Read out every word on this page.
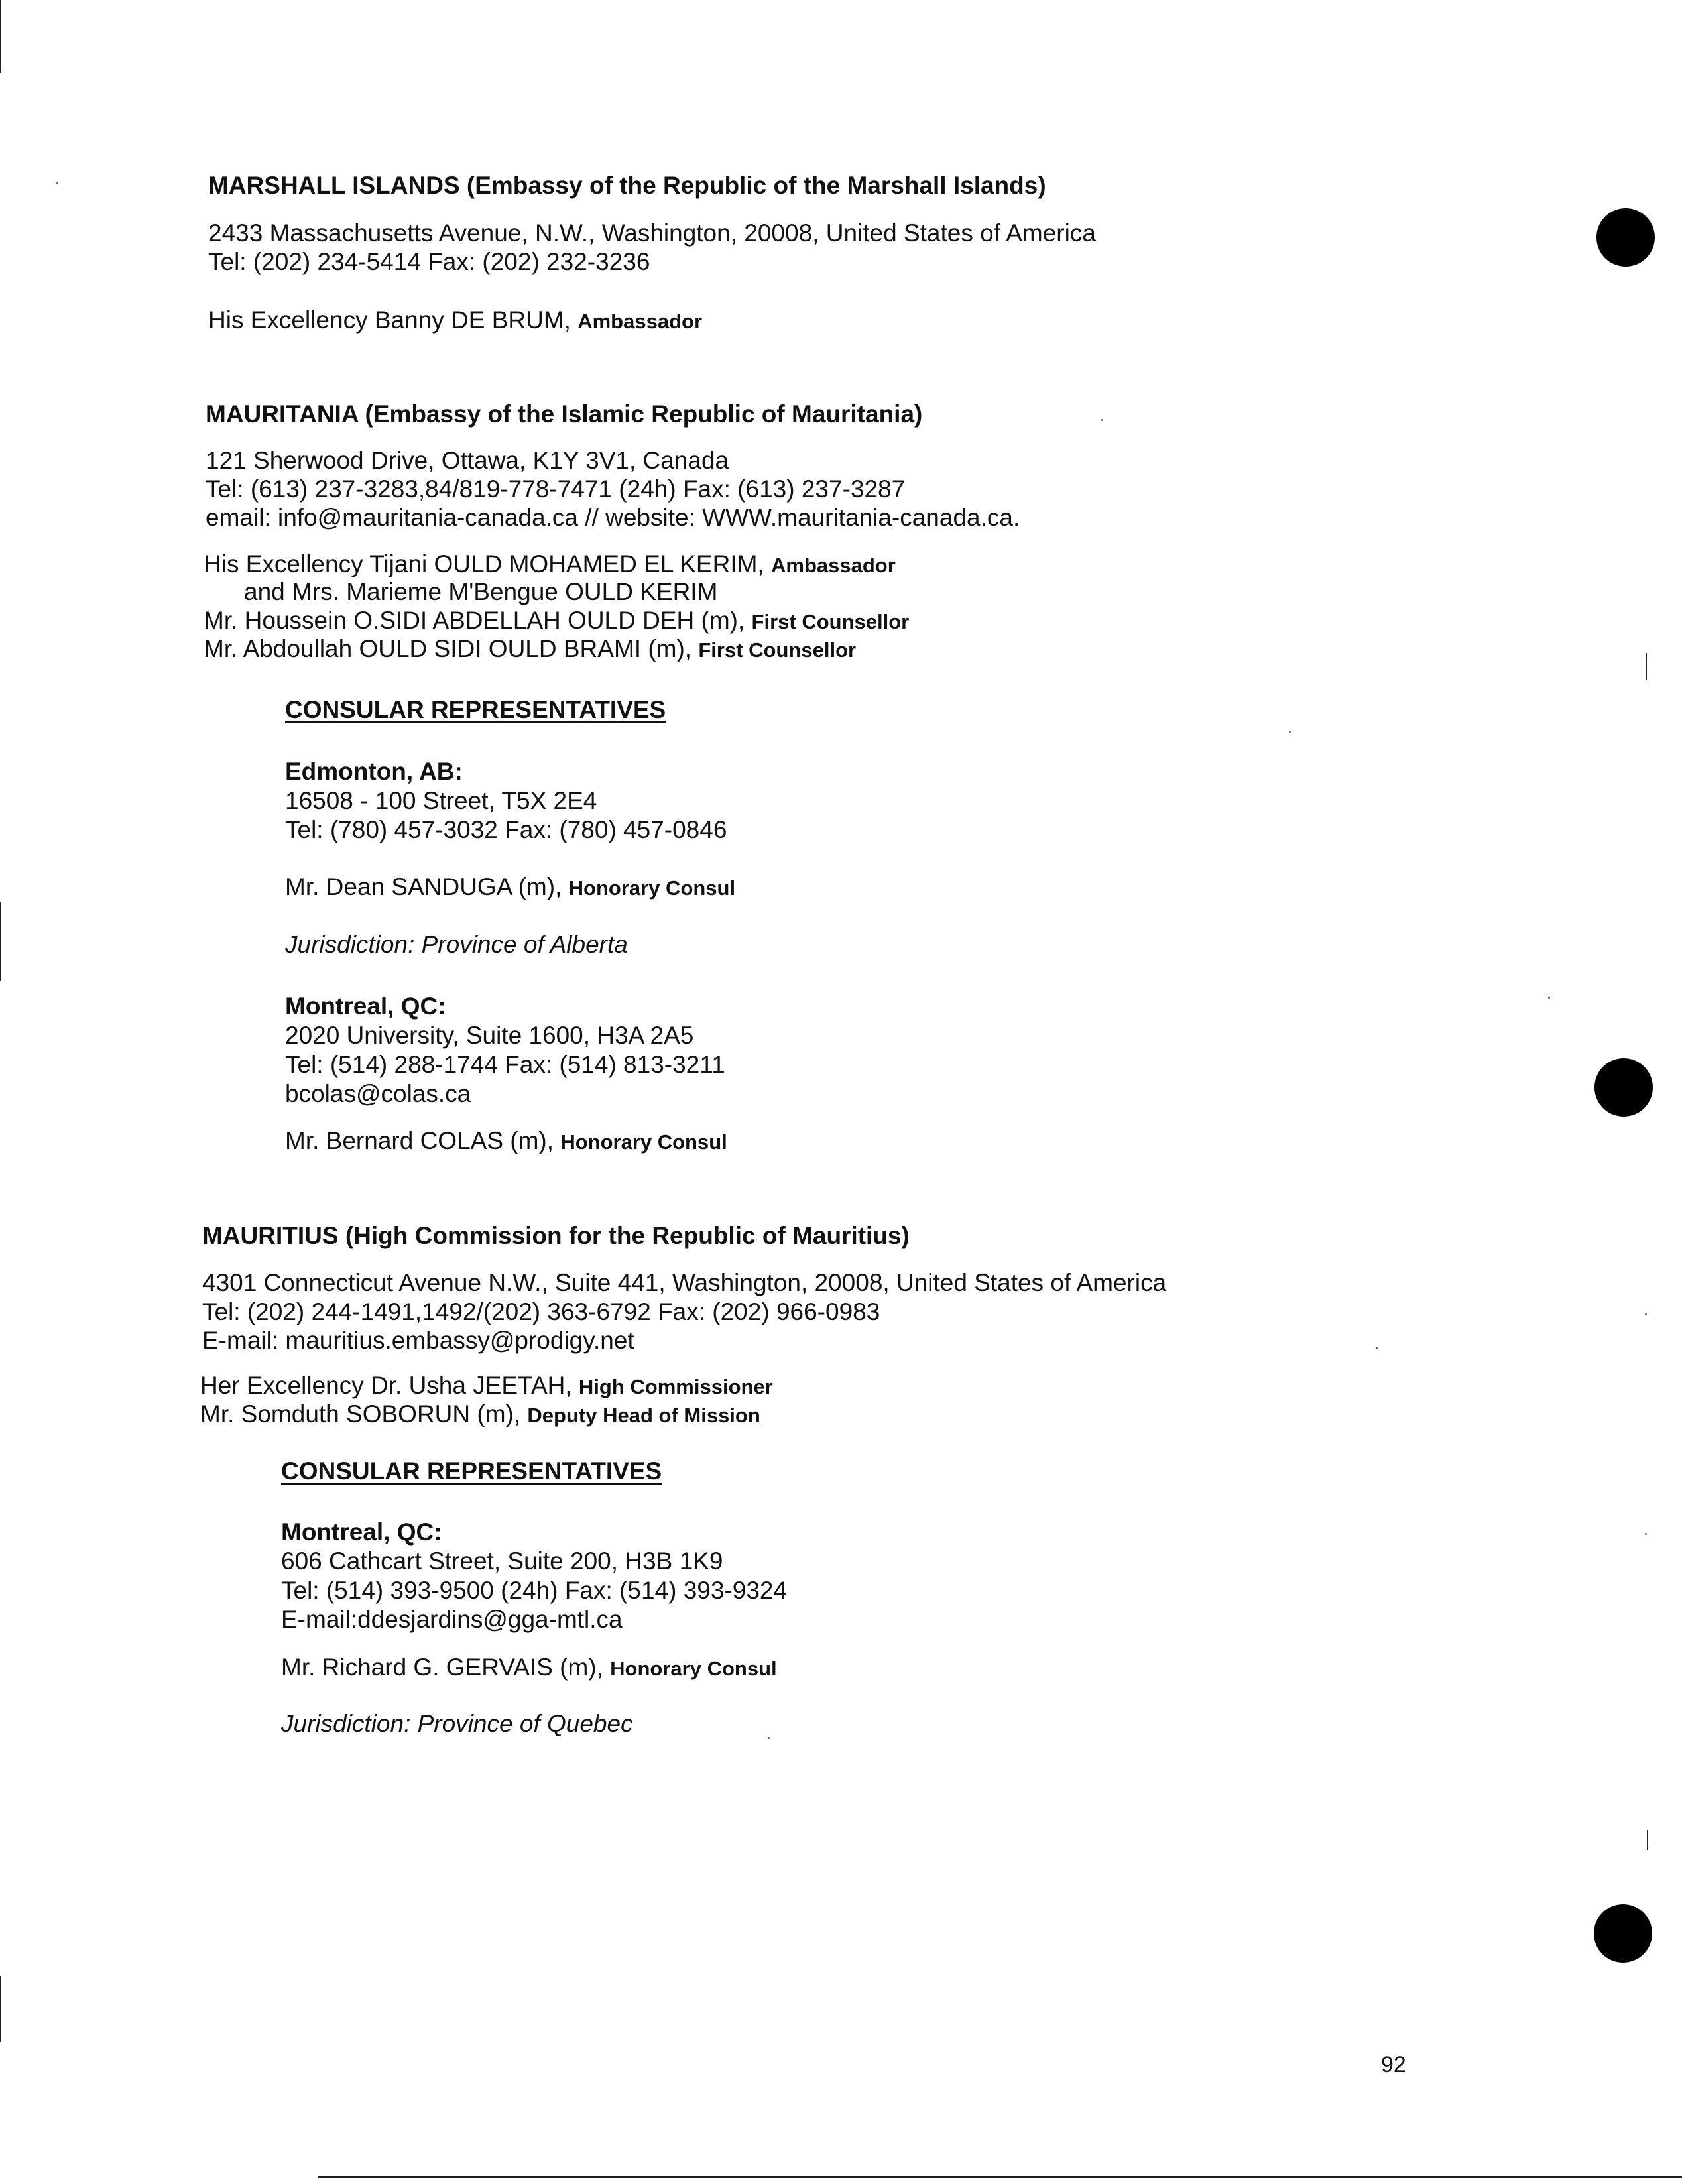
MARSHALL ISLANDS (Embassy of the Republic of the Marshall Islands)
2433 Massachusetts Avenue, N.W., Washington, 20008, United States of America
Tel: (202) 234-5414 Fax: (202) 232-3236
His Excellency Banny DE BRUM, Ambassador
MAURITANIA (Embassy of the Islamic Republic of Mauritania)
121 Sherwood Drive, Ottawa, K1Y 3V1, Canada
Tel: (613) 237-3283,84/819-778-7471 (24h) Fax: (613) 237-3287
email: info@mauritania-canada.ca // website: WWW.mauritania-canada.ca.
His Excellency Tijani OULD MOHAMED EL KERIM, Ambassador
and Mrs. Marieme M'Bengue OULD KERIM
Mr. Houssein O.SIDI ABDELLAH OULD DEH (m), First Counsellor
Mr. Abdoullah OULD SIDI OULD BRAMI (m), First Counsellor
CONSULAR REPRESENTATIVES
Edmonton, AB:
16508 - 100 Street, T5X 2E4
Tel: (780) 457-3032 Fax: (780) 457-0846
Mr. Dean SANDUGA (m), Honorary Consul
Jurisdiction: Province of Alberta
Montreal, QC:
2020 University, Suite 1600, H3A 2A5
Tel: (514) 288-1744 Fax: (514) 813-3211
bcolas@colas.ca
Mr. Bernard COLAS (m), Honorary Consul
MAURITIUS (High Commission for the Republic of Mauritius)
4301 Connecticut Avenue N.W., Suite 441, Washington, 20008, United States of America
Tel: (202) 244-1491,1492/(202) 363-6792 Fax: (202) 966-0983
E-mail: mauritius.embassy@prodigy.net
Her Excellency Dr. Usha JEETAH, High Commissioner
Mr. Somduth SOBORUN (m), Deputy Head of Mission
CONSULAR REPRESENTATIVES
Montreal, QC:
606 Cathcart Street, Suite 200, H3B 1K9
Tel: (514) 393-9500 (24h) Fax: (514) 393-9324
E-mail:ddesjardins@gga-mtl.ca
Mr. Richard G. GERVAIS (m), Honorary Consul
Jurisdiction: Province of Quebec
92
